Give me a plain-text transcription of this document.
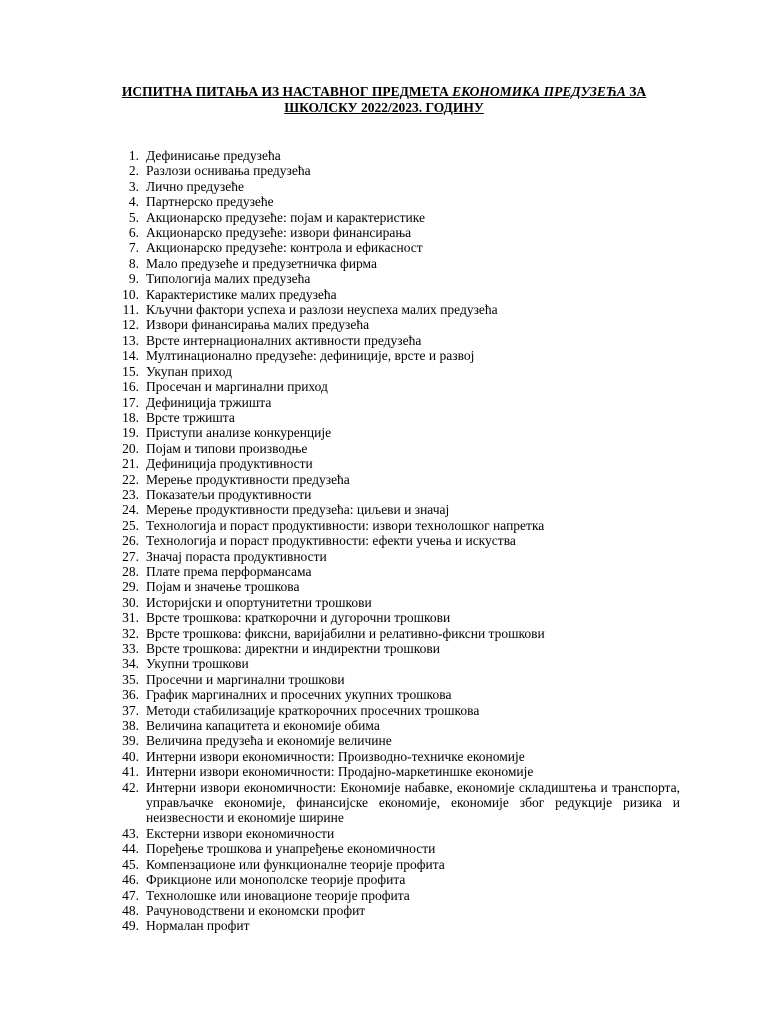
ИСПИТНА ПИТАЊА ИЗ НАСТАВНОГ ПРЕДМЕТА ЕКОНОМИКА ПРЕДУЗЕЋА ЗА ШКОЛСКУ 2022/2023. ГОДИНУ
1. Дефинисање предузећа
2. Разлози оснивања предузећа
3. Лично предузеће
4. Партнерско предузеће
5. Акционарско предузеће: појам и карактеристике
6. Акционарско предузеће: извори финансирања
7. Акционарско предузеће: контрола и ефикасност
8. Мало предузеће и предузетничка фирма
9. Типологија малих предузећа
10. Карактеристике малих предузећа
11. Кључни фактори успеха и разлози неуспеха малих предузећа
12. Извори финансирања малих предузећа
13. Врсте интернационалних активности предузећа
14. Мултинационално предузеће: дефиниције, врсте и развој
15. Укупан приход
16. Просечан и маргинални приход
17. Дефиниција тржишта
18. Врсте тржишта
19. Приступи анализе конкуренције
20. Појам и типови производње
21. Дефиниција продуктивности
22. Мерење продуктивности предузећа
23. Показатељи продуктивности
24. Мерење продуктивности предузећа: циљеви и значај
25. Технологија и пораст продуктивности: извори технолошког напретка
26. Технологија и пораст продуктивности: ефекти учења и искуства
27. Значај пораста продуктивности
28. Плате према перформансама
29. Појам и значење трошкова
30. Историјски и опортунитетни трошкови
31. Врсте трошкова: краткорочни и дугорочни трошкови
32. Врсте трошкова: фиксни, варијабилни и релативно-фиксни трошкови
33. Врсте трошкова: директни и индиректни трошкови
34. Укупни трошкови
35. Просечни и маргинални трошкови
36. График маргиналних и просечних укупних трошкова
37. Методи стабилизације краткорочних просечних трошкова
38. Величина капацитета и економије обима
39. Величина предузећа и економије величине
40. Интерни извори економичности: Производно-техничке економије
41. Интерни извори економичности: Продајно-маркетиншке економије
42. Интерни извори економичности: Економије набавке, економије складиштења и транспорта, управљачке економије, финансијске економије, економије због редукције ризика и неизвесности и економије ширине
43. Екстерни извори економичности
44. Поређење трошкова и унапређење економичности
45. Компензационе или функционалне теорије профита
46. Фрикционе или монополске теорије профита
47. Технолошке или иновационе теорије профита
48. Рачуноводствени и економски профит
49. Нормалан профит
